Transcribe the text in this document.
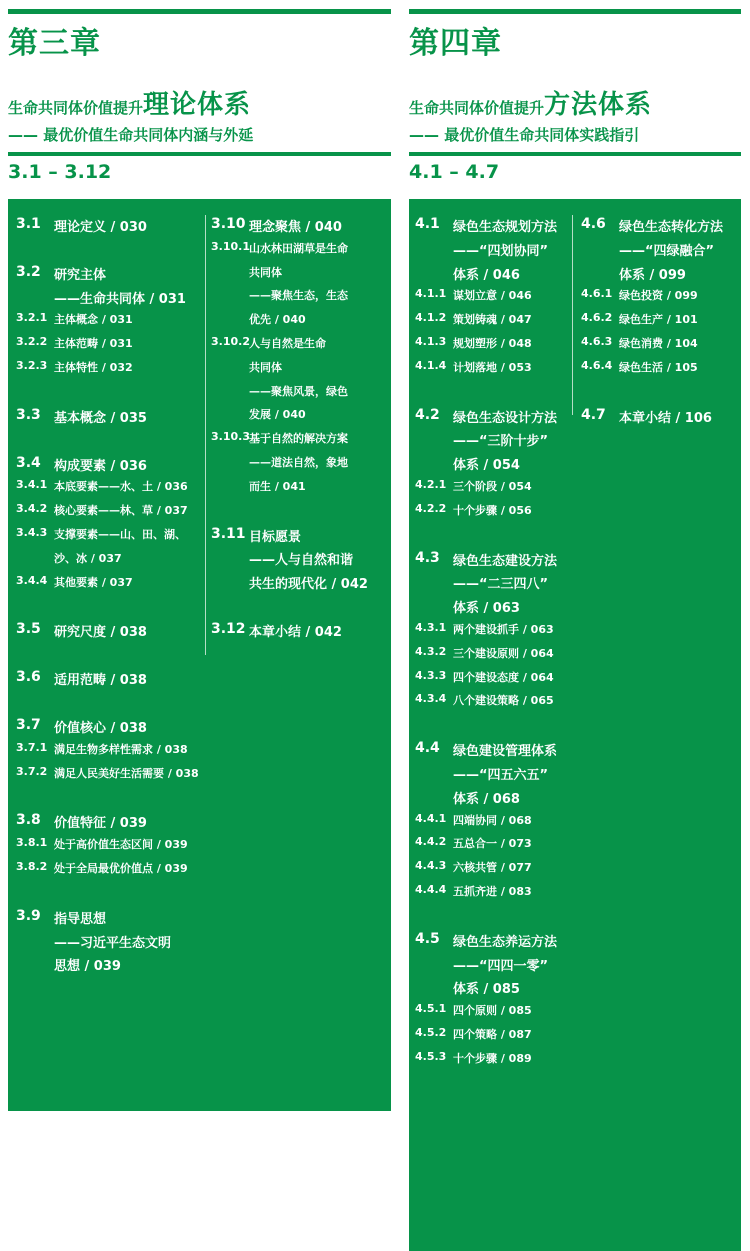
第三章
生命共同体价值提升理论体系
—— 最优价值生命共同体内涵与外延
3.1 – 3.12
第四章
生命共同体价值提升方法体系
—— 最优价值生命共同体实践指引
4.1 – 4.7
3.1 理论定义 / 030
3.2 研究主体
——生命共同体 / 031
3.2.1 主体概念 / 031
3.2.2 主体范畴 / 031
3.2.3 主体特性 / 032
3.3 基本概念 / 035
3.4 构成要素 / 036
3.4.1 本底要素——水、土 / 036
3.4.2 核心要素——林、草 / 037
3.4.3 支撑要素——山、田、湖、
沙、冰 / 037
3.4.4 其他要素 / 037
3.5 研究尺度 / 038
3.6 适用范畴 / 038
3.7 价值核心 / 038
3.7.1 满足生物多样性需求 / 038
3.7.2 满足人民美好生活需要 / 038
3.8 价值特征 / 039
3.8.1 处于高价值生态区间 / 039
3.8.2 处于全局最优价值点 / 039
3.9 指导思想
——习近平生态文明
思想 / 039
3.10 理念聚焦 / 040
3.10.1 山水林田湖草是生命
共同体
——聚焦生态，生态
优先 / 040
3.10.2 人与自然是生命
共同体
——聚焦风景，绿色
发展 / 040
3.10.3 基于自然的解决方案
——道法自然，象地
而生 / 041
3.11 目标愿景
——人与自然和谐
共生的现代化 / 042
3.12 本章小结 / 042
4.1 绿色生态规划方法
——“四划协同”
体系 / 046
4.1.1 谋划立意 / 046
4.1.2 策划铸魂 / 047
4.1.3 规划塑形 / 048
4.1.4 计划落地 / 053
4.2 绿色生态设计方法
——“三阶十步”
体系 / 054
4.2.1 三个阶段 / 054
4.2.2 十个步骤 / 056
4.3 绿色生态建设方法
——“二三四八”
体系 / 063
4.3.1 两个建设抓手 / 063
4.3.2 三个建设原则 / 064
4.3.3 四个建设态度 / 064
4.3.4 八个建设策略 / 065
4.4 绿色建设管理体系
——“四五六五”
体系 / 068
4.4.1 四端协同 / 068
4.4.2 五总合一 / 073
4.4.3 六核共管 / 077
4.4.4 五抓齐进 / 083
4.5 绿色生态养运方法
——“四四一零”
体系 / 085
4.5.1 四个原则 / 085
4.5.2 四个策略 / 087
4.5.3 十个步骤 / 089
4.6 绿色生态转化方法
——“四绿融合”
体系 / 099
4.6.1 绿色投资 / 099
4.6.2 绿色生产 / 101
4.6.3 绿色消费 / 104
4.6.4 绿色生活 / 105
4.7 本章小结 / 106
